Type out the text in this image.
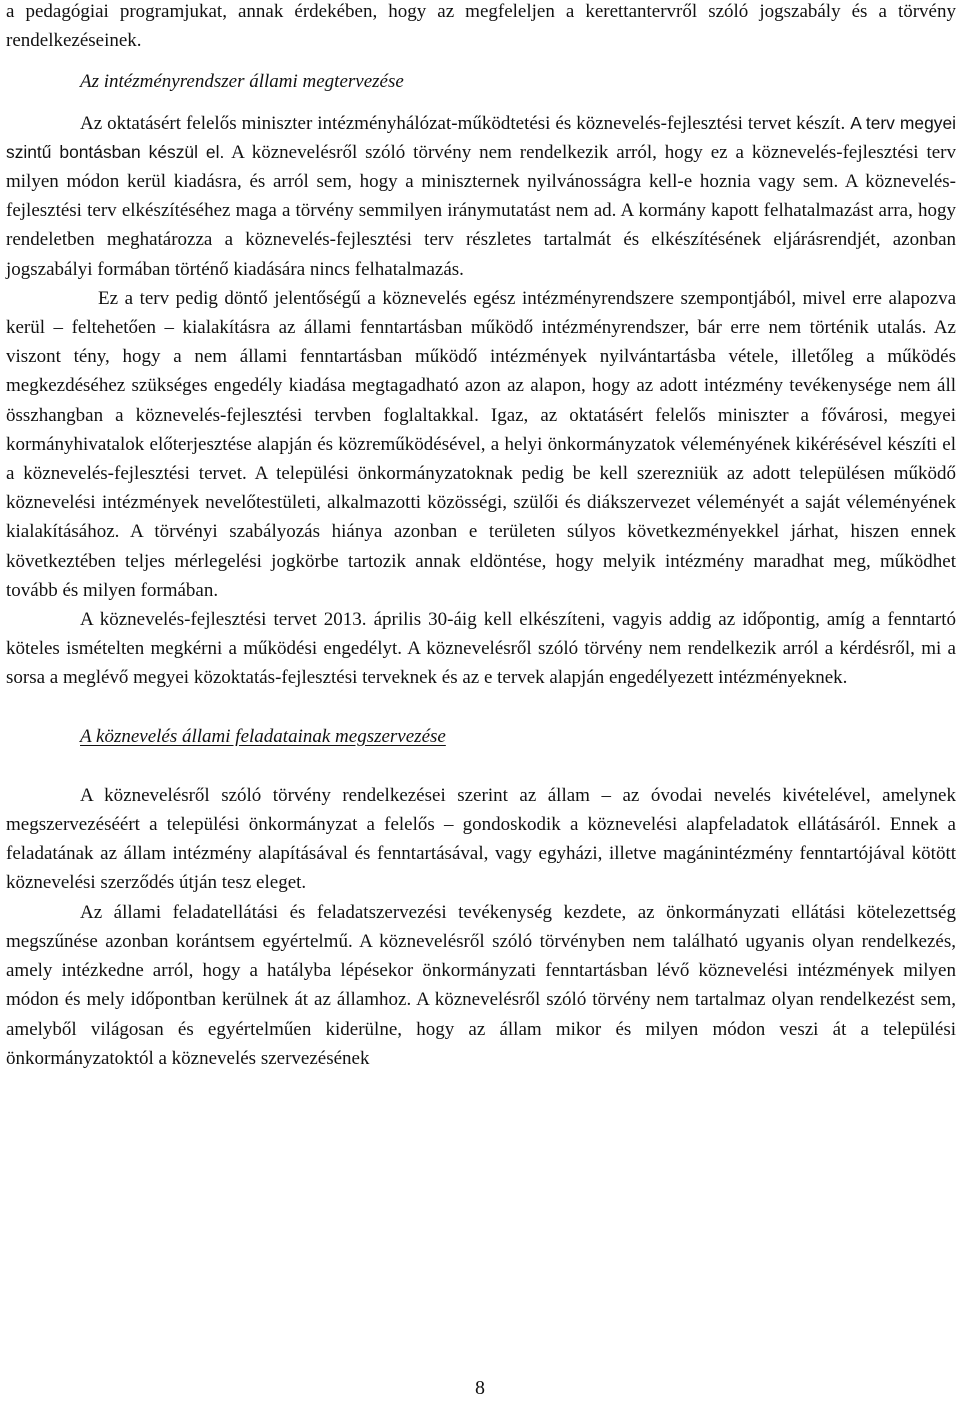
a pedagógiai programjukat, annak érdekében, hogy az megfeleljen a kerettantervről szóló jogszabály és a törvény rendelkezéseinek.

Az intézményrendszer állami megtervezése

Az oktatásért felelős miniszter intézményhálózat-működtetési és köznevelés-fejlesztési tervet készít. A terv megyei szintű bontásban készül el. A köznevelésről szóló törvény nem rendelkezik arról, hogy ez a köznevelés-fejlesztési terv milyen módon kerül kiadásra, és arról sem, hogy a miniszternek nyilvánosságra kell-e hoznia vagy sem. A köznevelés-fejlesztési terv elkészítéséhez maga a törvény semmilyen iránymutatást nem ad. A kormány kapott felhatalmazást arra, hogy rendeletben meghatározza a köznevelés-fejlesztési terv részletes tartalmát és elkészítésének eljárásrendjét, azonban jogszabályi formában történő kiadására nincs felhatalmazás.

Ez a terv pedig döntő jelentőségű a köznevelés egész intézményrendszere szempontjából, mivel erre alapozva kerül – feltehetően – kialakításra az állami fenntartásban működő intézményrendszer, bár erre nem történik utalás. Az viszont tény, hogy a nem állami fenntartásban működő intézmények nyilvántartásba vétele, illetőleg a működés megkezdéséhez szükséges engedély kiadása megtagadható azon az alapon, hogy az adott intézmény tevékenysége nem áll összhangban a köznevelés-fejlesztési tervben foglaltakkal. Igaz, az oktatásért felelős miniszter a fővárosi, megyei kormányhivatalok előterjesztése alapján és közreműködésével, a helyi önkormányzatok véleményének kikérésével készíti el a köznevelés-fejlesztési tervet. A települési önkormányzatoknak pedig be kell szerezniük az adott településen működő köznevelési intézmények nevelőtestületi, alkalmazotti közösségi, szülői és diákszervezet véleményét a saját véleményének kialakításához. A törvényi szabályozás hiánya azonban e területen súlyos következményekkel járhat, hiszen ennek következtében teljes mérlegelési jogkörbe tartozik annak eldöntése, hogy melyik intézmény maradhat meg, működhet tovább és milyen formában.

A köznevelés-fejlesztési tervet 2013. április 30-áig kell elkészíteni, vagyis addig az időpontig, amíg a fenntartó köteles ismételten megkérni a működési engedélyt. A köznevelésről szóló törvény nem rendelkezik arról a kérdésről, mi a sorsa a meglévő megyei közoktatás-fejlesztési terveknek és az e tervek alapján engedélyezett intézményeknek.

A köznevelés állami feladatainak megszervezése

A köznevelésről szóló törvény rendelkezései szerint az állam – az óvodai nevelés kivételével, amelynek megszervezéséért a települési önkormányzat a felelős – gondoskodik a köznevelési alapfeladatok ellátásáról. Ennek a feladatának az állam intézmény alapításával és fenntartásával, vagy egyházi, illetve magánintézmény fenntartójával kötött köznevelési szerződés útján tesz eleget.

Az állami feladatellátási és feladatszervezési tevékenység kezdete, az önkormányzati ellátási kötelezettség megszűnése azonban korántsem egyértelmű. A köznevelésről szóló törvényben nem található ugyanis olyan rendelkezés, amely intézkedne arról, hogy a hatályba lépésekor önkormányzati fenntartásban lévő köznevelési intézmények milyen módon és mely időpontban kerülnek át az államhoz. A köznevelésről szóló törvény nem tartalmaz olyan rendelkezést sem, amelyből világosan és egyértelműen kiderülne, hogy az állam mikor és milyen módon veszi át a települési önkormányzatoktól a köznevelés szervezésének

8
